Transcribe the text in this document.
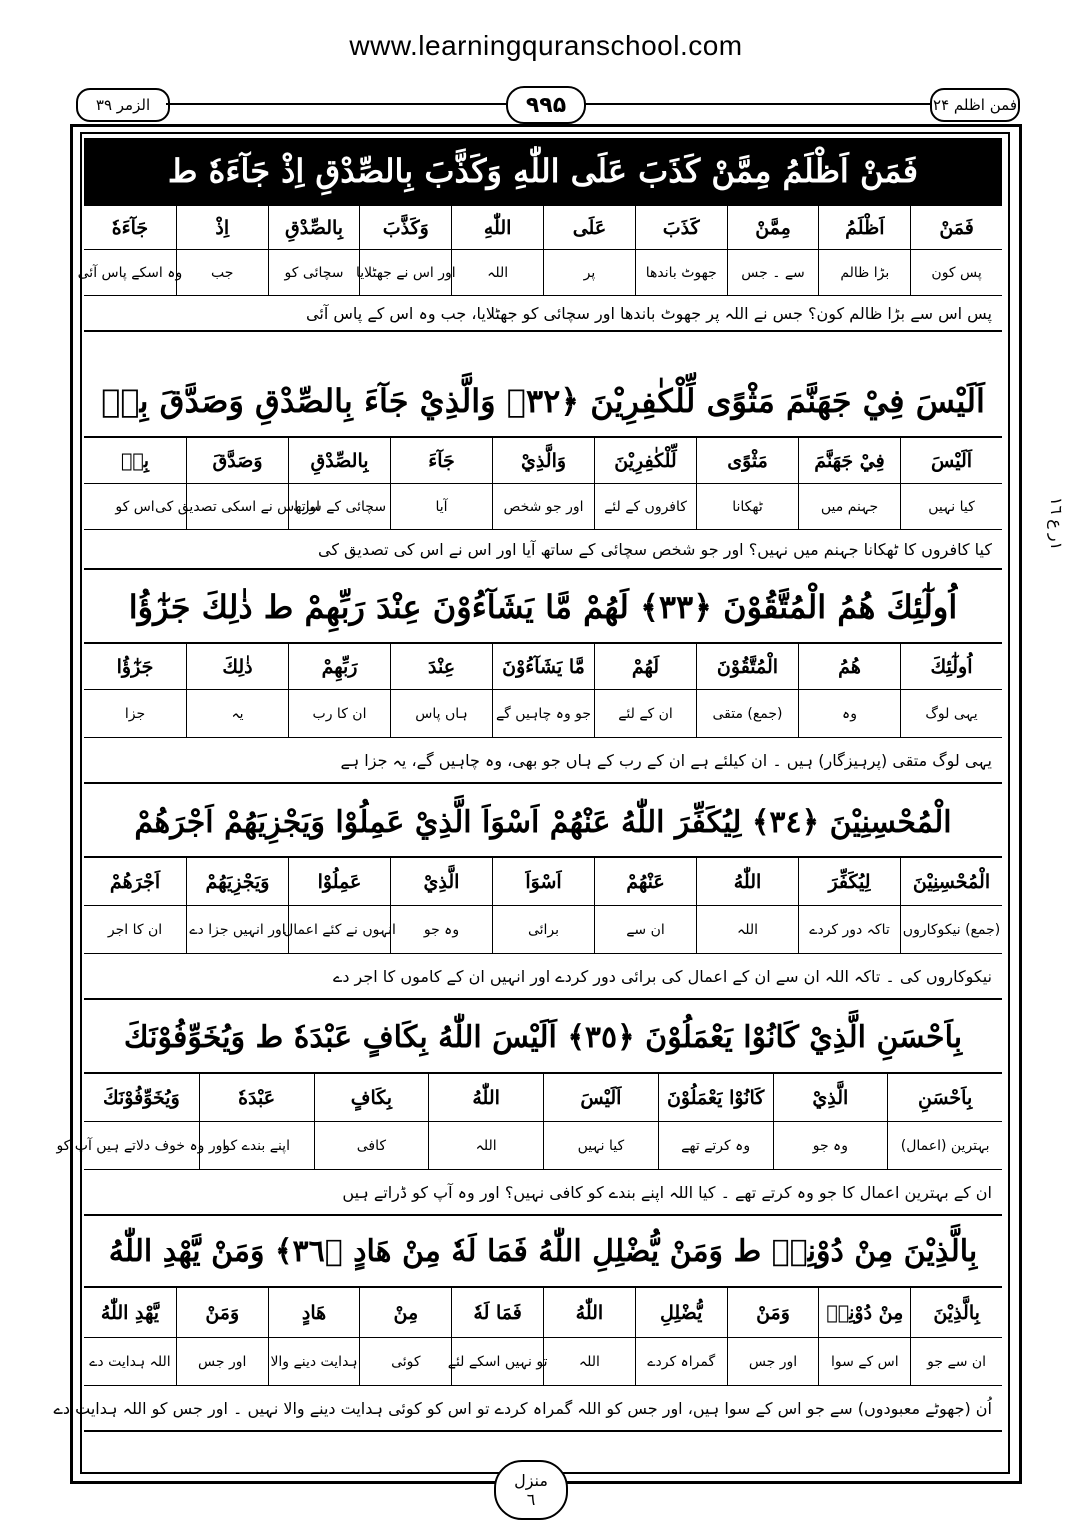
www.learningquranschool.com
الزمر ۳۹	۹۹۵	فمن اظلم ۲۴
١ر ع ١٦
فَمَنْ اَظْلَمُ مِمَّنْ كَذَبَ عَلَى اللّٰهِ وَكَذَّبَ بِالصِّدْقِ اِذْ جَآءَهٗ ط
فَمَنْ
اَظْلَمُ
مِمَّنْ
كَذَبَ
عَلَى
اللّٰهِ
وَكَذَّبَ
بِالصِّدْقِ
اِذْ
جَآءَهٗ
پس کون
بڑا ظالم
سے ۔ جس
جھوٹ باندھا
پر
اللہ
اور اس نے جھٹلایا
سچائی کو
جب
وہ اسکے پاس آئی
پس اس سے بڑا ظالم کون؟ جس نے اللہ پر جھوٹ باندھا اور سچائی کو جھٹلایا، جب وہ اس کے پاس آئی
اَلَيْسَ فِيْ جَهَنَّمَ مَثْوًى لِّلْكٰفِرِيْنَ ﴿٣٢﴾ وَالَّذِيْ جَآءَ بِالصِّدْقِ وَصَدَّقَ بِهٖ
اَلَيْسَ
فِيْ جَهَنَّمَ
مَثْوًى
لِّلْكٰفِرِيْنَ
وَالَّذِيْ
جَآءَ
بِالصِّدْقِ
وَصَدَّقَ
بِهٖ
کیا نہیں
جہنم میں
ٹھکانا
کافروں کے لئے
اور جو شخص
آیا
سچائی کے ساتھ
اور اس نے اسکی تصدیق کی
اس کو
کیا کافروں کا ٹھکانا جہنم میں نہیں؟ اور جو شخص سچائی کے ساتھ آیا اور اس نے اس کی تصدیق کی
اُولٰٓئِكَ هُمُ الْمُتَّقُوْنَ ﴿٣٣﴾ لَهُمْ مَّا يَشَآءُوْنَ عِنْدَ رَبِّهِمْ ط ذٰلِكَ جَزٰٓؤُا
اُولٰٓئِكَ
هُمُ
الْمُتَّقُوْنَ
لَهُمْ
مَّا يَشَآءُوْنَ
عِنْدَ
رَبِّهِمْ
ذٰلِكَ
جَزٰٓؤُا
یہی لوگ
وہ
(جمع) متقی
ان کے لئے
جو وہ چاہیں گے
ہاں پاس
ان کا رب
یہ
جزا
یہی لوگ متقی (پرہیزگار) ہیں ۔ ان کیلئے ہے ان کے رب کے ہاں جو بھی، وہ چاہیں گے، یہ جزا ہے
الْمُحْسِنِيْنَ ﴿٣٤﴾ لِيُكَفِّرَ اللّٰهُ عَنْهُمْ اَسْوَاَ الَّذِيْ عَمِلُوْا وَيَجْزِيَهُمْ اَجْرَهُمْ
الْمُحْسِنِيْنَ
لِيُكَفِّرَ
اللّٰهُ
عَنْهُمْ
اَسْوَاَ
الَّذِيْ
عَمِلُوْا
وَيَجْزِيَهُمْ
اَجْرَهُمْ
(جمع) نیکوکاروں
تاکہ دور کردے
اللہ
ان سے
برائی
وہ جو
انہوں نے کئے اعمال
اور انہیں جزا دے
ان کا اجر
نیکوکاروں کی ۔ تاکہ اللہ ان سے ان کے اعمال کی برائی دور کردے اور انہیں ان کے کاموں کا اجر دے
بِاَحْسَنِ الَّذِيْ كَانُوْا يَعْمَلُوْنَ ﴿٣٥﴾ اَلَيْسَ اللّٰهُ بِكَافٍ عَبْدَهٗ ط وَيُخَوِّفُوْنَكَ
بِاَحْسَنِ
الَّذِيْ
كَانُوْا يَعْمَلُوْنَ
اَلَيْسَ
اللّٰهُ
بِكَافٍ
عَبْدَهٗ
وَيُخَوِّفُوْنَكَ
بہترین (اعمال)
وہ جو
وہ کرتے تھے
کیا نہیں
اللہ
کافی
اپنے بندے کو
اور وہ خوف دلاتے ہیں آپ کو
ان کے بہترین اعمال کا جو وہ کرتے تھے ۔ کیا اللہ اپنے بندے کو کافی نہیں؟ اور وہ آپ کو ڈراتے ہیں
بِالَّذِيْنَ مِنْ دُوْنِهٖ ط وَمَنْ يُّضْلِلِ اللّٰهُ فَمَا لَهٗ مِنْ هَادٍ ﴿٣٦﴾ وَمَنْ يَّهْدِ اللّٰهُ
بِالَّذِيْنَ
مِنْ دُوْنِهٖ
وَمَنْ
يُّضْلِلِ
اللّٰهُ
فَمَا لَهٗ
مِنْ
هَادٍ
وَمَنْ
يَّهْدِ اللّٰهُ
ان سے جو
اس کے سوا
اور جس
گمراہ کردے
اللہ
تو نہیں اسکے لئے
کوئی
ہدایت دینے والا
اور جس
اللہ ہدایت دے
اُن (جھوٹے معبودوں) سے جو اس کے سوا ہیں، اور جس کو اللہ گمراہ کردے تو اس کو کوئی ہدایت دینے والا نہیں ۔ اور جس کو اللہ ہدایت دے
منزل
٦
